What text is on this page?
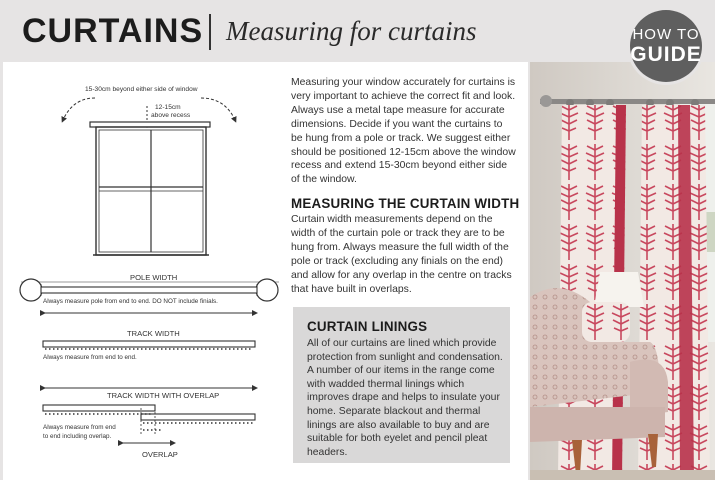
CURTAINS Measuring for curtains	HOW TO
GUIDE
15-30cm beyond either side of window
12-15cm
above recess
POLE WIDTH
Always measure pole from end to end. DO NOT include finials.
TRACK WIDTH
Always measure from end to end.
TRACK WIDTH WITH OVERLAP
Always measure from end
to end including overlap.
OVERLAP
Measuring your window accurately for curtains is very important to achieve the correct fit and look. Always use a metal tape measure for accurate dimensions. Decide if you want the curtains to be hung from a pole or track. We suggest either should be positioned 12-15cm above the window recess and extend 15-30cm beyond either side of the window.
MEASURING THE CURTAIN WIDTH
Curtain width measurements depend on the width of the curtain pole or track they are to be hung from. Always measure the full width of the pole or track (excluding any finials on the end) and allow for any overlap in the centre on tracks that have built in overlaps.
CURTAIN LININGS
All of our curtains are lined which provide protection from sunlight and condensation. A number of our items in the range come with wadded thermal linings which improves drape and helps to insulate your home. Separate blackout and thermal linings are also available to buy and are suitable for both eyelet and pencil pleat headers.
